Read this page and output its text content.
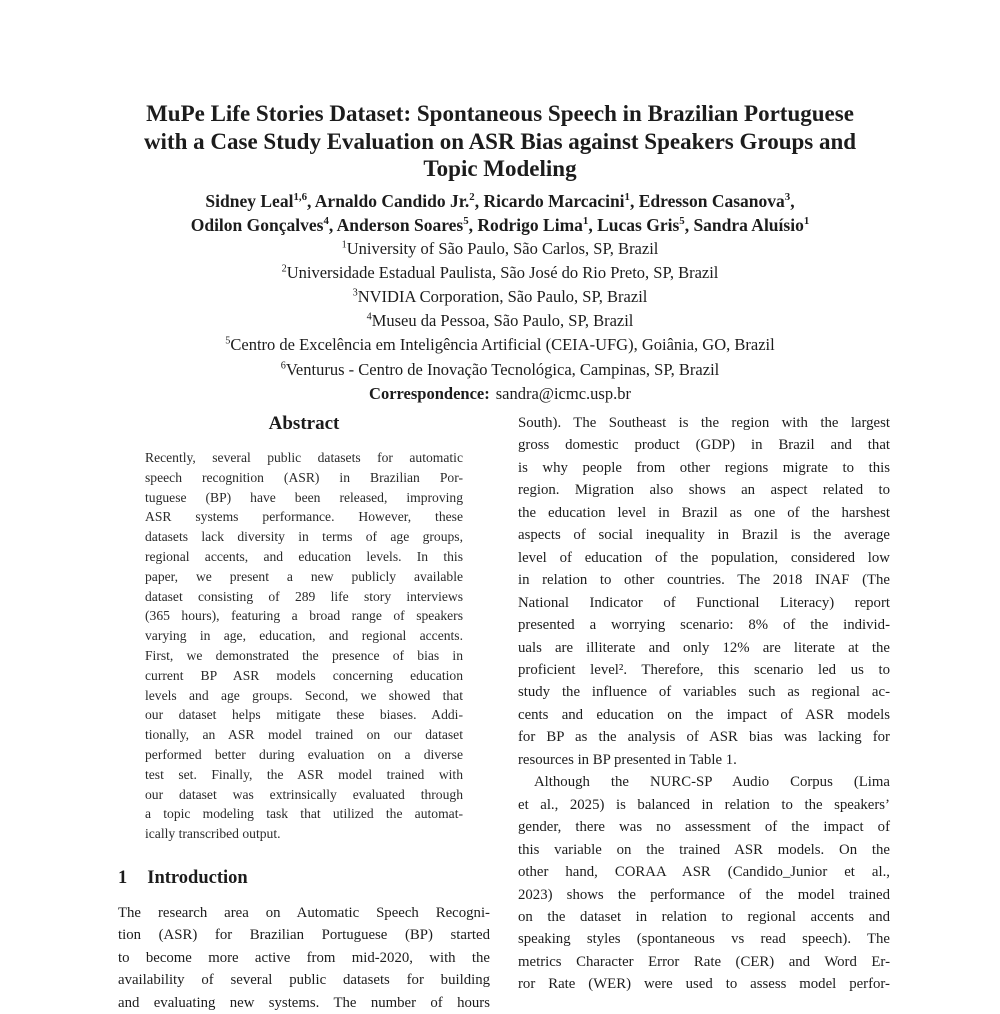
MuPe Life Stories Dataset: Spontaneous Speech in Brazilian Portuguese
with a Case Study Evaluation on ASR Bias against Speakers Groups and
Topic Modeling
Sidney Leal$^{1,6}$, Arnaldo Candido Jr.$^2$, Ricardo Marcacini$^1$, Edresson Casanova$^3$,
Odilon Gonçalves$^4$, Anderson Soares$^5$, Rodrigo Lima$^1$, Lucas Gris$^5$, Sandra Aluísio$^1$
$^1$University of São Paulo, São Carlos, SP, Brazil
$^2$Universidade Estadual Paulista, São José do Rio Preto, SP, Brazil
$^3$NVIDIA Corporation, São Paulo, SP, Brazil
$^4$Museu da Pessoa, São Paulo, SP, Brazil
$^5$Centro de Excelência em Inteligência Artificial (CEIA-UFG), Goiânia, GO, Brazil
$^6$Venturus - Centro de Inovação Tecnológica, Campinas, SP, Brazil
Correspondence: sandra@icmc.usp.br
Abstract
Recently, several public datasets for automatic
speech recognition (ASR) in Brazilian Por-
tuguese (BP) have been released, improving
ASR systems performance. However, these
datasets lack diversity in terms of age groups,
regional accents, and education levels. In this
paper, we present a new publicly available
dataset consisting of 289 life story interviews
(365 hours), featuring a broad range of speakers
varying in age, education, and regional accents.
First, we demonstrated the presence of bias in
current BP ASR models concerning education
levels and age groups. Second, we showed that
our dataset helps mitigate these biases. Addi-
tionally, an ASR model trained on our dataset
performed better during evaluation on a diverse
test set. Finally, the ASR model trained with
our dataset was extrinsically evaluated through
a topic modeling task that utilized the automat-
ically transcribed output.
1 Introduction
The research area on Automatic Speech Recogni-
tion (ASR) for Brazilian Portuguese (BP) started
to become more active from mid-2020, with the
availability of several public datasets for building
and evaluating new systems. The number of hours
South). The Southeast is the region with the largest
gross domestic product (GDP) in Brazil and that
is why people from other regions migrate to this
region. Migration also shows an aspect related to
the education level in Brazil as one of the harshest
aspects of social inequality in Brazil is the average
level of education of the population, considered low
in relation to other countries. The 2018 INAF (The
National Indicator of Functional Literacy) report
presented a worrying scenario: 8% of the individ-
uals are illiterate and only 12% are literate at the
proficient level². Therefore, this scenario led us to
study the influence of variables such as regional ac-
cents and education on the impact of ASR models
for BP as the analysis of ASR bias was lacking for
resources in BP presented in Table 1.
Although the NURC-SP Audio Corpus (Lima
et al., 2025) is balanced in relation to the speakers’
gender, there was no assessment of the impact of
this variable on the trained ASR models. On the
other hand, CORAA ASR (Candido_Junior et al.,
2023) shows the performance of the model trained
on the dataset in relation to regional accents and
speaking styles (spontaneous vs read speech). The
metrics Character Error Rate (CER) and Word Er-
ror Rate (WER) were used to assess model perfor-
